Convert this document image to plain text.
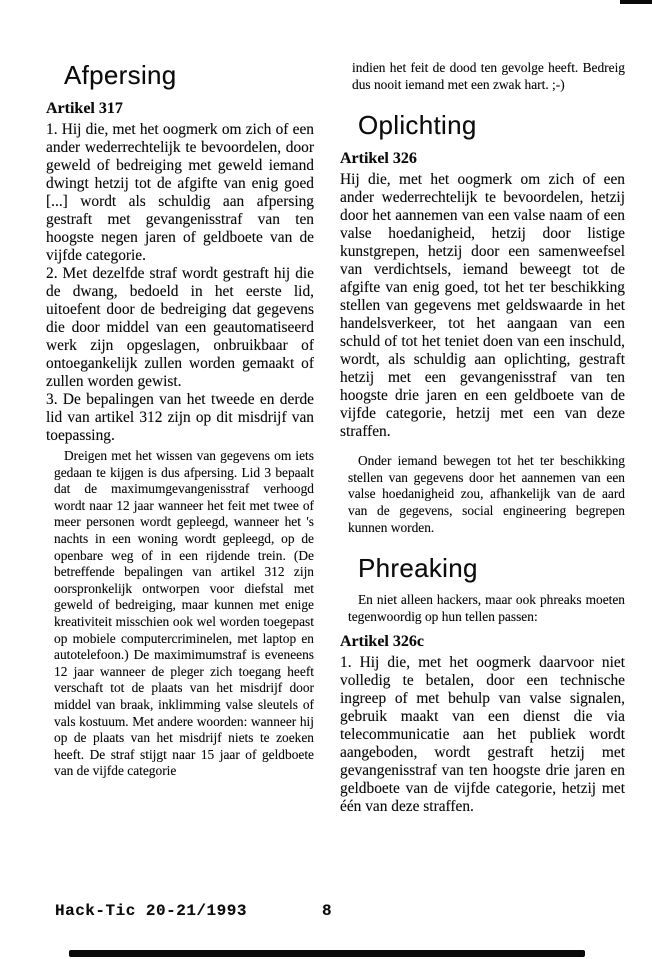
Afpersing

Artikel 317

1. Hij die, met het oogmerk om zich of een ander wederrechtelijk te bevoordelen, door geweld of bedreiging met geweld iemand dwingt hetzij tot de afgifte van enig goed [...] wordt als schuldig aan afpersing gestraft met gevangenisstraf van ten hoogste negen jaren of geldboete van de vijfde categorie.

2. Met dezelfde straf wordt gestraft hij die de dwang, bedoeld in het eerste lid, uitoefent door de bedreiging dat gegevens die door middel van een geautomatiseerd werk zijn opgeslagen, onbruikbaar of ontoegankelijk zullen worden gemaakt of zullen worden gewist.

3. De bepalingen van het tweede en derde lid van artikel 312 zijn op dit misdrijf van toepassing.

Dreigen met het wissen van gegevens om iets gedaan te kijgen is dus afpersing. Lid 3 bepaalt dat de maximumgevangenisstraf verhoogd wordt naar 12 jaar wanneer het feit met twee of meer personen wordt gepleegd, wanneer het 's nachts in een woning wordt gepleegd, op de openbare weg of in een rijdende trein. (De betreffende bepalingen van artikel 312 zijn oorspronkelijk ontworpen voor diefstal met geweld of bedreiging, maar kunnen met enige kreativiteit misschien ook wel worden toegepast op mobiele computercriminelen, met laptop en autotelefoon.) De maximimumstraf is eveneens 12 jaar wanneer de pleger zich toegang heeft verschaft tot de plaats van het misdrijf door middel van braak, inklimming valse sleutels of vals kostuum. Met andere woorden: wanneer hij op de plaats van het misdrijf niets te zoeken heeft. De straf stijgt naar 15 jaar of geldboete van de vijfde categorie

indien het feit de dood ten gevolge heeft. Bedreig dus nooit iemand met een zwak hart. ;-)

Oplichting

Artikel 326

Hij die, met het oogmerk om zich of een ander wederrechtelijk te bevoordelen, hetzij door het aannemen van een valse naam of een valse hoedanigheid, hetzij door listige kunstgrepen, hetzij door een samenweefsel van verdichtsels, iemand beweegt tot de afgifte van enig goed, tot het ter beschikking stellen van gegevens met geldswaarde in het handelsverkeer, tot het aangaan van een schuld of tot het teniet doen van een inschuld, wordt, als schuldig aan oplichting, gestraft hetzij met een gevangenisstraf van ten hoogste drie jaren en een geldboete van de vijfde categorie, hetzij met een van deze straffen.

Onder iemand bewegen tot het ter beschikking stellen van gegevens door het aannemen van een valse hoedanigheid zou, afhankelijk van de aard van de gegevens, social engineering begrepen kunnen worden.

Phreaking

En niet alleen hackers, maar ook phreaks moeten tegenwoordig op hun tellen passen:

Artikel 326c

1. Hij die, met het oogmerk daarvoor niet volledig te betalen, door een technische ingreep of met behulp van valse signalen, gebruik maakt van een dienst die via telecommunicatie aan het publiek wordt aangeboden, wordt gestraft hetzij met gevangenisstraf van ten hoogste drie jaren en geldboete van de vijfde categorie, hetzij met één van deze straffen.

Hack-Tic 20-21/1993	8
